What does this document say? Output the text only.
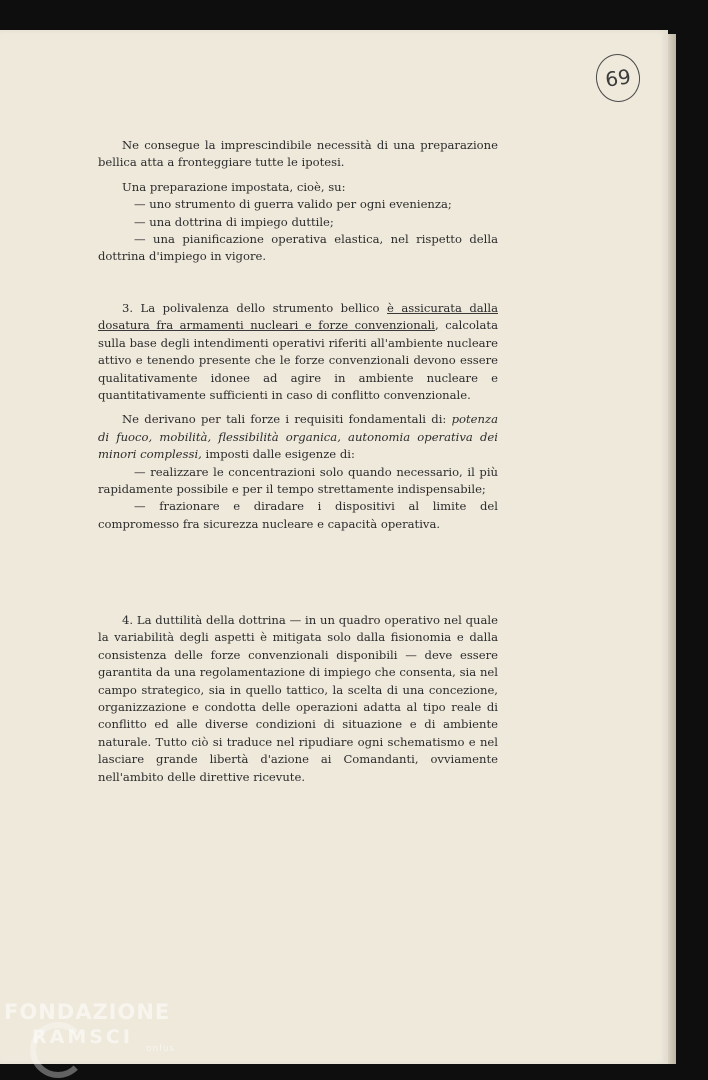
69

Ne consegue la imprescindibile necessità di una preparazione bellica atta a fronteggiare tutte le ipotesi.

Una preparazione impostata, cioè, su:

— uno strumento di guerra valido per ogni evenienza;

— una dottrina di impiego duttile;

— una pianificazione operativa elastica, nel rispetto della dottrina d'impiego in vigore.

3. La polivalenza dello strumento bellico è assicurata dalla dosatura fra armamenti nucleari e forze convenzionali, calcolata sulla base degli intendimenti operativi riferiti all'ambiente nucleare attivo e tenendo presente che le forze convenzionali devono essere qualitativamente idonee ad agire in ambiente nucleare e quantitativamente sufficienti in caso di conflitto convenzionale.

Ne derivano per tali forze i requisiti fondamentali di: potenza di fuoco, mobilità, flessibilità organica, autonomia operativa dei minori complessi, imposti dalle esigenze di:

— realizzare le concentrazioni solo quando necessario, il più rapidamente possibile e per il tempo strettamente indispensabile;

— frazionare e diradare i dispositivi al limite del compromesso fra sicurezza nucleare e capacità operativa.

4. La duttilità della dottrina — in un quadro operativo nel quale la variabilità degli aspetti è mitigata solo dalla fisionomia e dalla consistenza delle forze convenzionali disponibili — deve essere garantita da una regolamentazione di impiego che consenta, sia nel campo strategico, sia in quello tattico, la scelta di una concezione, organizzazione e condotta delle operazioni adatta al tipo reale di conflitto ed alle diverse condizioni di situazione e di ambiente naturale. Tutto ciò si traduce nel ripudiare ogni schematismo e nel lasciare grande libertà d'azione ai Comandanti, ovviamente nell'ambito delle direttive ricevute.

FONDAZIONE
RAMSCI
onlus
